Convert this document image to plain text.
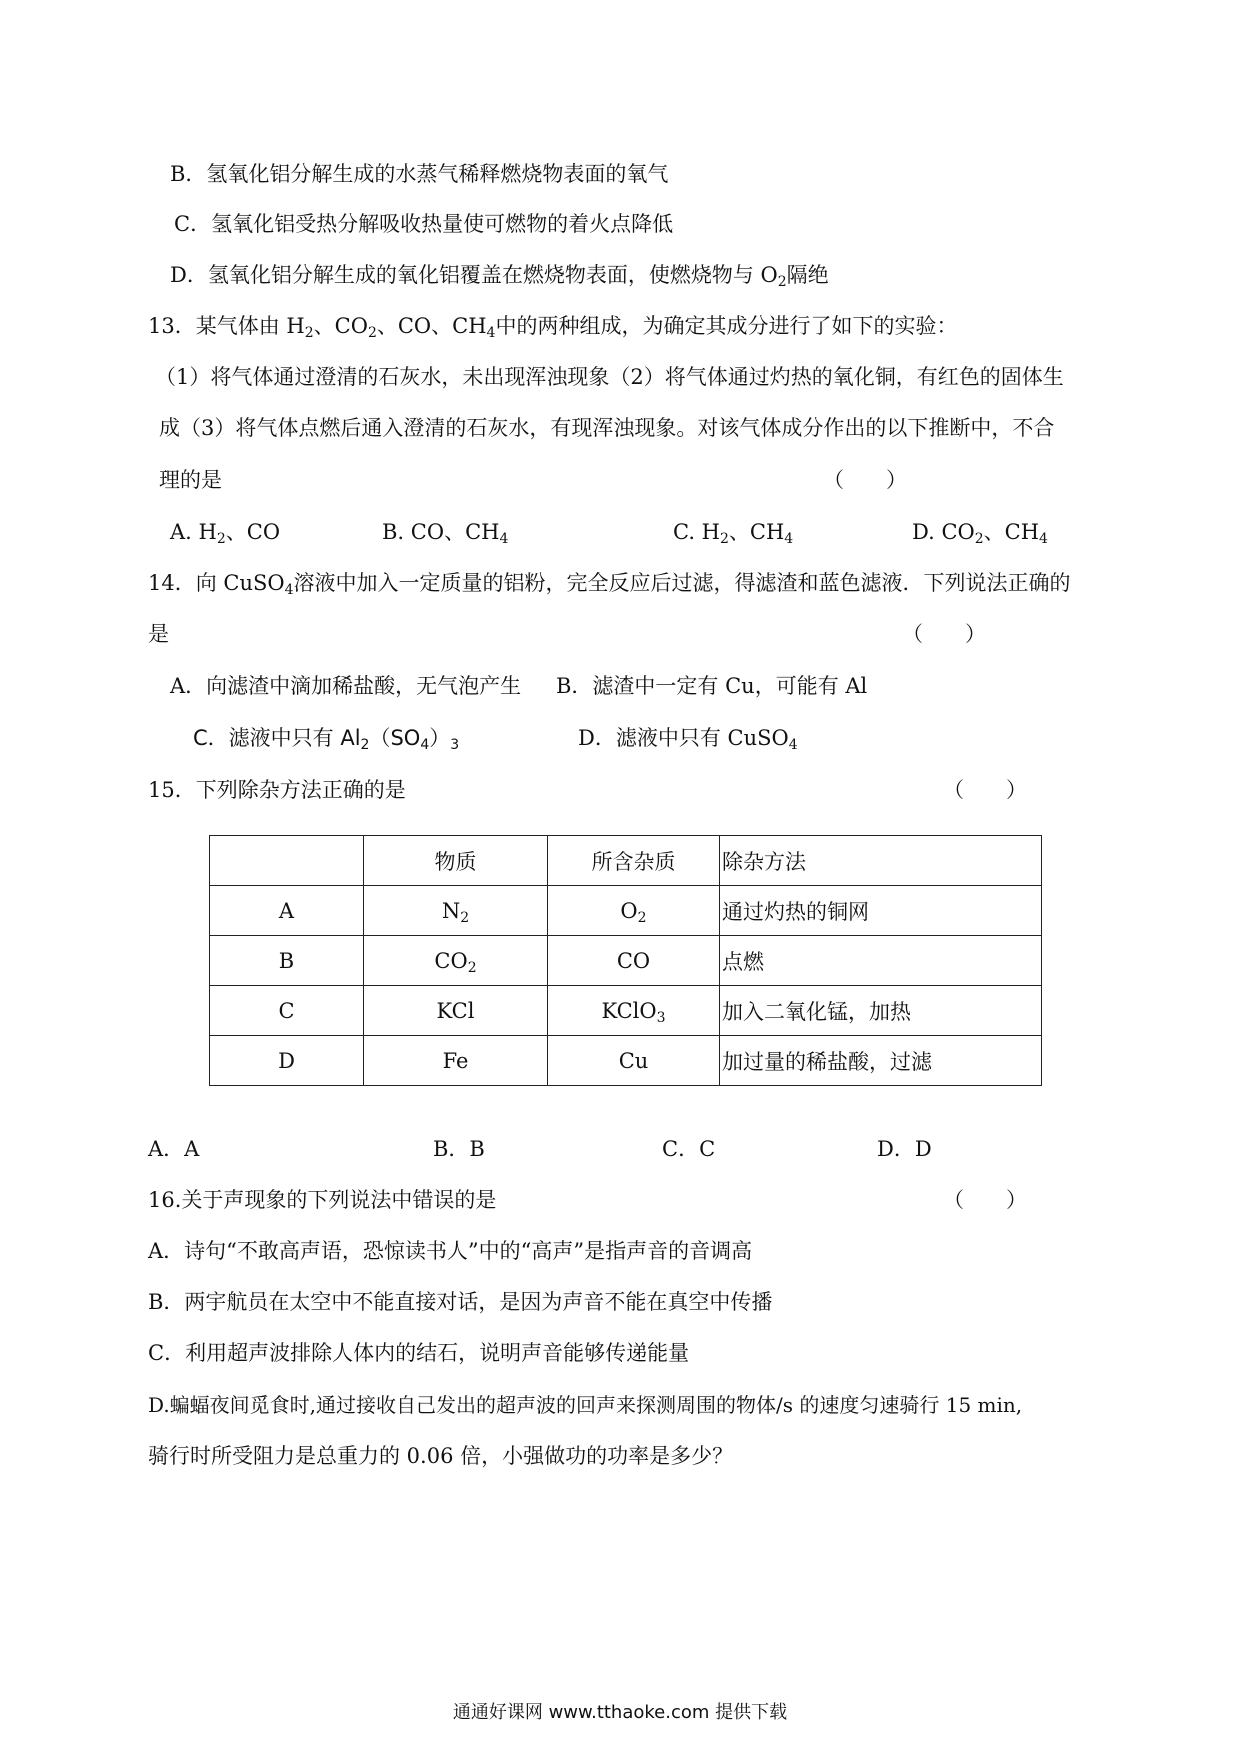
B．氢氧化铝分解生成的水蒸气稀释燃烧物表面的氧气
C．氢氧化铝受热分解吸收热量使可燃物的着火点降低
D．氢氧化铝分解生成的氧化铝覆盖在燃烧物表面，使燃烧物与 $O_2$隔绝
13．某气体由 $H_2$、$CO_2$、CO、$CH_4$中的两种组成，为确定其成分进行了如下的实验：
（1）将气体通过澄清的石灰水，未出现浑浊现象（2）将气体通过灼热的氧化铜，有红色的固体生
成（3）将气体点燃后通入澄清的石灰水，有现浑浊现象。对该气体成分作出的以下推断中，不合
理的是	（　　）
A. $H_2$、CO	B. CO、$CH_4$	C. $H_2$、$CH_4$	D. $CO_2$、$CH_4$
14．向 CuSO$_4$溶液中加入一定质量的铝粉，完全反应后过滤，得滤渣和蓝色滤液．下列说法正确的
是	（　　）
A．向滤渣中滴加稀盐酸，无气泡产生 B．滤渣中一定有 Cu，可能有 Al
C．滤液中只有 $Al_2(SO_4)_3$	D．滤液中只有 CuSO$_4$
15．下列除杂方法正确的是	（　　）
	物质	所含杂质	除杂方法
A	$N_2$	$O_2$	通过灼热的铜网
B	$CO_2$	CO	点燃
C	KCl	KClO$_3$	加入二氧化锰，加热
D	Fe	Cu	加过量的稀盐酸，过滤
A．A	B．B	C．C	D．D
16.关于声现象的下列说法中错误的是	（　　）
A．诗句“不敢高声语，恐惊读书人”中的“高声”是指声音的音调高
B．两宇航员在太空中不能直接对话，是因为声音不能在真空中传播
C．利用超声波排除人体内的结石，说明声音能够传递能量
D.蝙蝠夜间觅食时,通过接收自己发出的超声波的回声来探测周围的物体/s 的速度匀速骑行 15 min,
骑行时所受阻力是总重力的 0.06 倍，小强做功的功率是多少？
通通好课网 www.tthaoke.com 提供下载
